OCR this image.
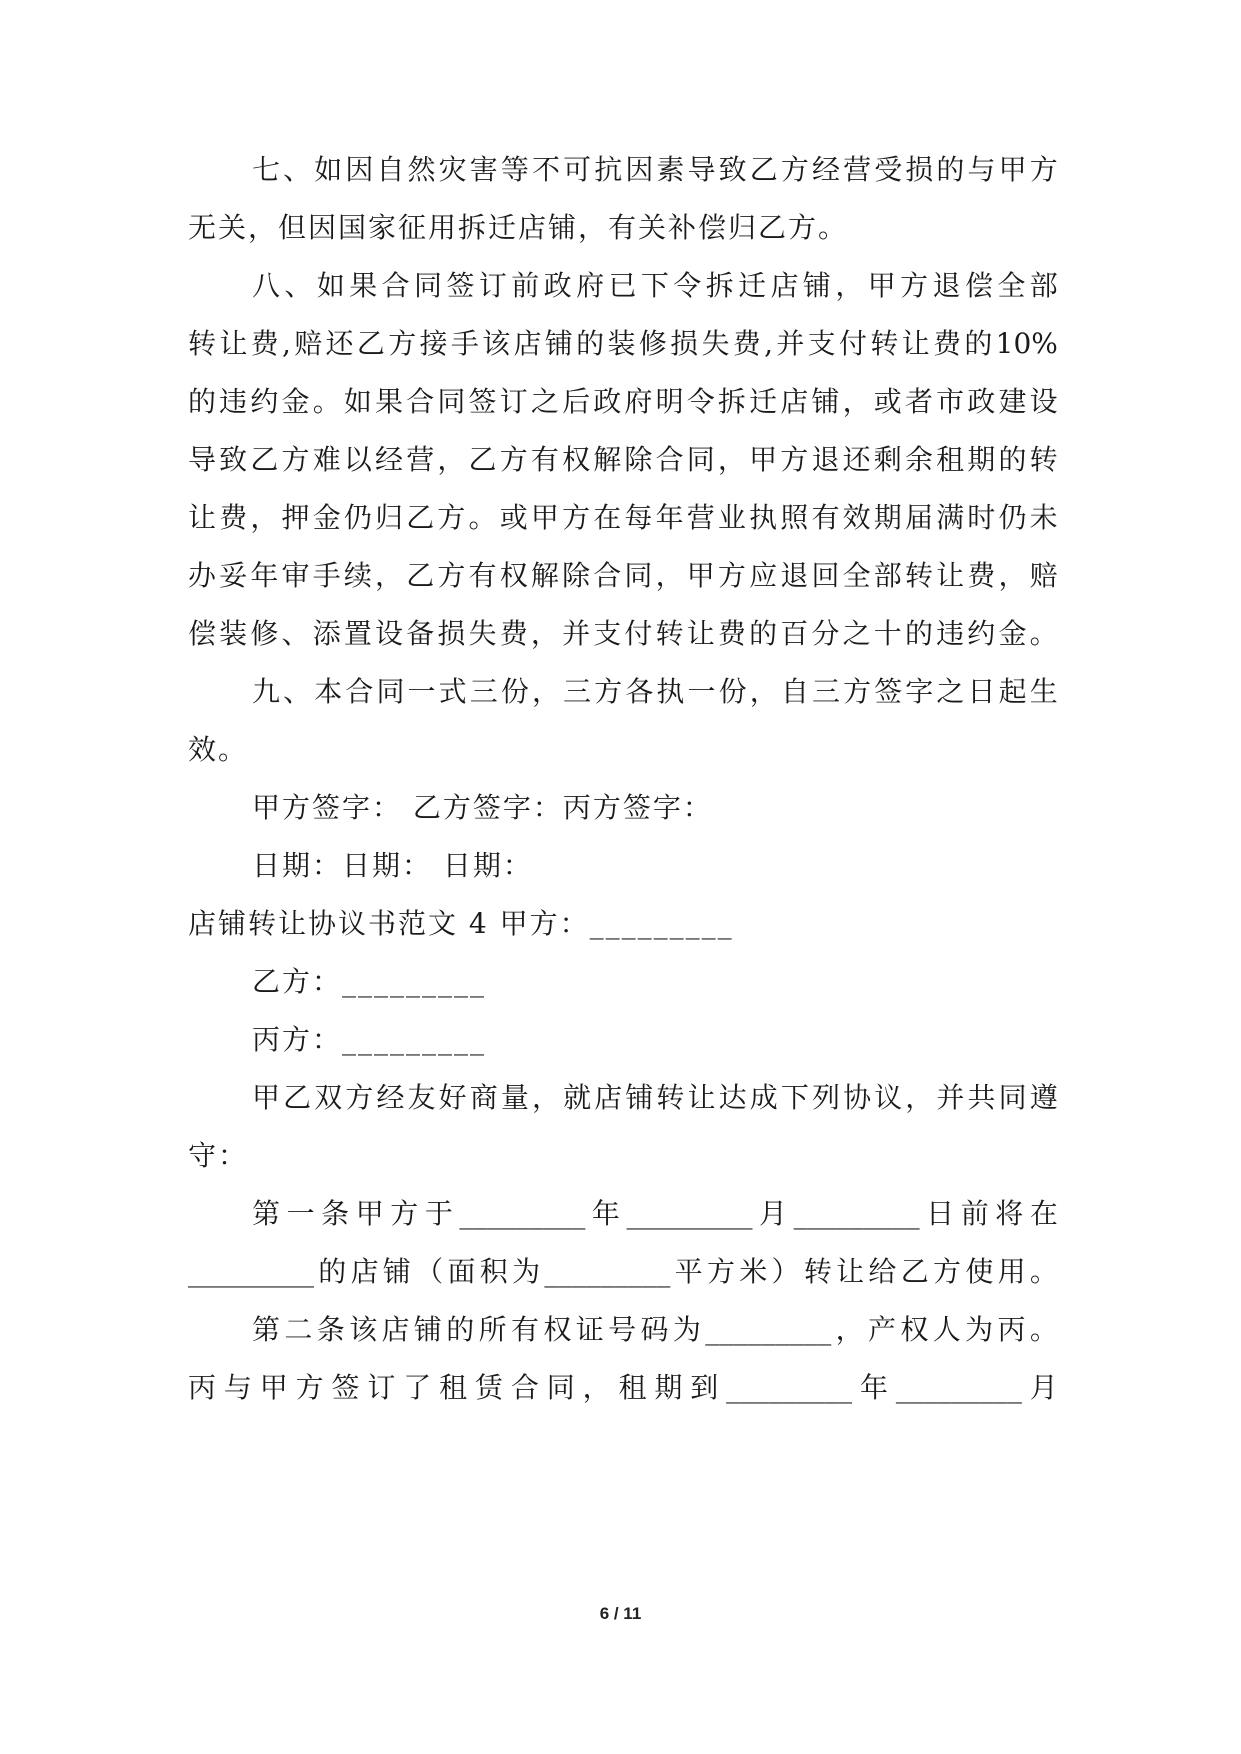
七 、 如 因 自 然 灾 害 等 不 可 抗 因 素 导 致 乙 方 经 营 受 损 的 与 甲 方
无关，但因国家征用拆迁店铺，有关补偿归乙方。
八 、 如 果 合 同 签 订 前 政 府 已 下 令 拆 迁 店 铺 ， 甲 方 退 偿 全 部
转 让 费 , 赔 还 乙 方 接 手 该 店 铺 的 装 修 损 失 费 , 并 支 付 转 让 费 的 10%
的 违 约 金 。 如 果 合 同 签 订 之 后 政 府 明 令 拆 迁 店 铺 ， 或 者 市 政 建 设
导 致 乙 方 难 以 经 营 ， 乙 方 有 权 解 除 合 同 ， 甲 方 退 还 剩 余 租 期 的 转
让 费 ， 押 金 仍 归 乙 方 。 或 甲 方 在 每 年 营 业 执 照 有 效 期 届 满 时 仍 未
办 妥 年 审 手 续 ， 乙 方 有 权 解 除 合 同 ， 甲 方 应 退 回 全 部 转 让 费 ， 赔
偿 装 修 、 添 置 设 备 损 失 费 ， 并 支 付 转 让 费 的 百 分 之 十 的 违 约 金 。
九 、 本 合 同 一 式 三 份 ， 三 方 各 执 一 份 ， 自 三 方 签 字 之 日 起 生
效。
甲方签字： 乙方签字：丙方签字：
日期：日期： 日期：
店铺转让协议书范文 4 甲方：_________
乙方：_________
丙方：_________
甲 乙 双 方 经 友 好 商 量 ， 就 店 铺 转 让 达 成 下 列 协 议 ， 并 共 同 遵
守：
第 一 条 甲 方 于 _________ 年 _________ 月 _________ 日 前 将 在
_________ 的 店 铺 （ 面 积 为 _________ 平 方 米 ） 转 让 给 乙 方 使 用 。
第 二 条 该 店 铺 的 所 有 权 证 号 码 为 _________ ， 产 权 人 为 丙 。
丙 与 甲 方 签 订 了 租 赁 合 同 ， 租 期 到 _________ 年 _________ 月
6 / 11
